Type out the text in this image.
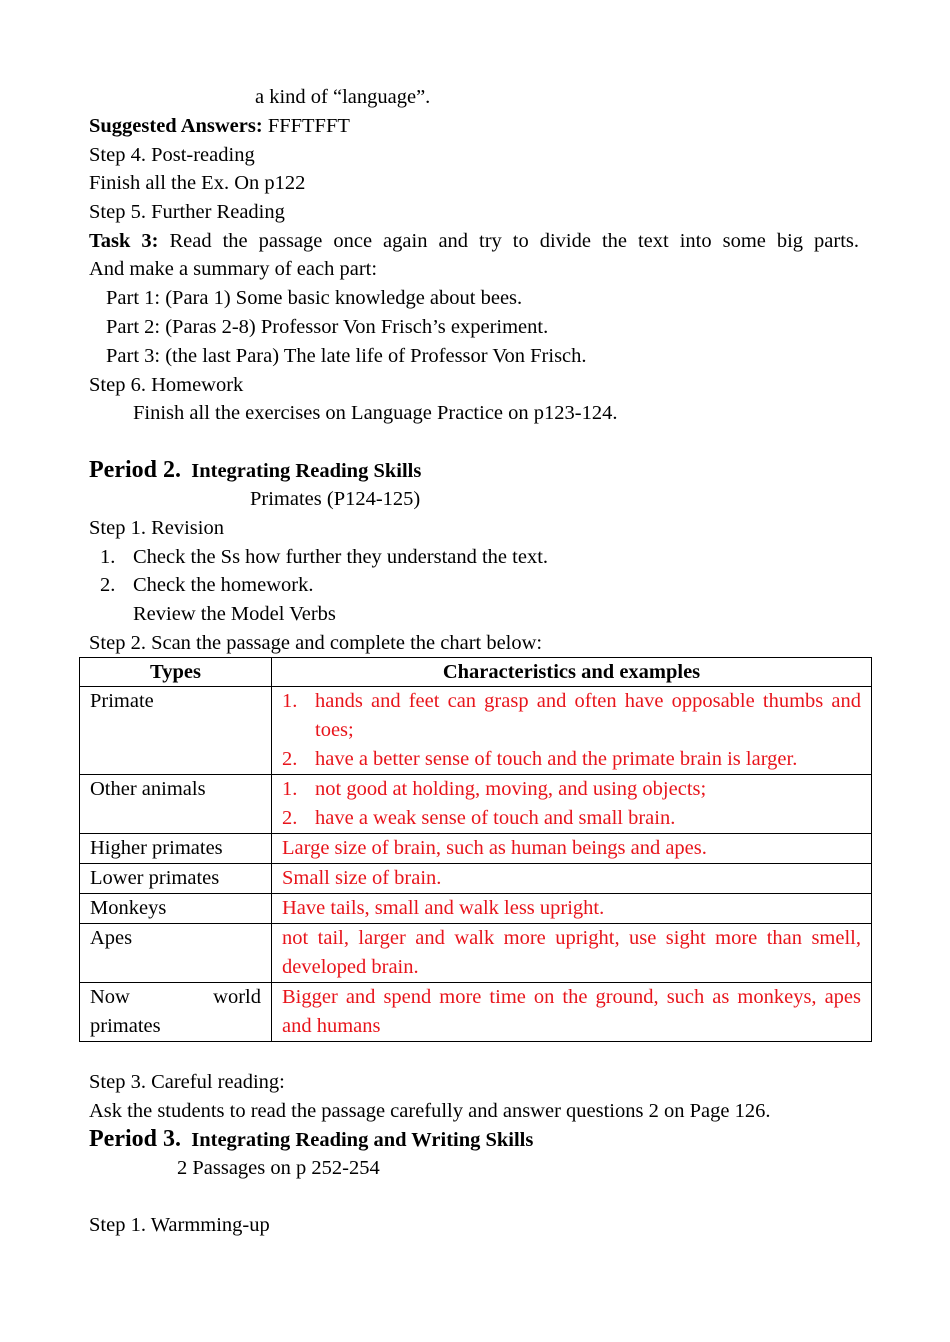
a kind of “language”.
Suggested Answers: FFFTFFT
Step 4. Post-reading
Finish all the Ex. On p122
Step 5. Further Reading
Task 3: Read the passage once again and try to divide the text into some big parts.
And make a summary of each part:
Part 1: (Para 1) Some basic knowledge about bees.
Part 2: (Paras 2-8) Professor Von Frisch’s experiment.
Part 3: (the last Para) The late life of Professor Von Frisch.
Step 6. Homework
Finish all the exercises on Language Practice on p123-124.
Period 2. Integrating Reading Skills
Primates (P124-125)
Step 1. Revision
1. Check the Ss how further they understand the text.
2. Check the homework.
Review the Model Verbs
Step 2. Scan the passage and complete the chart below:
Types	Characteristics and examples
Primate	1. hands and feet can grasp and often have opposable thumbs and toes;
2. have a better sense of touch and the primate brain is larger.

Other animals	1. not good at holding, moving, and using objects;
2. have a weak sense of touch and small brain.

Higher primates	Large size of brain, such as human beings and apes.
Lower primates	Small size of brain.
Monkeys	Have tails, small and walk less upright.
Apes	not tail, larger and walk more upright, use sight more than smell, developed brain.

Now world
primates	Bigger and spend more time on the ground, such as monkeys, apes and humans
Step 3. Careful reading:
Ask the students to read the passage carefully and answer questions 2 on Page 126.
Period 3. Integrating Reading and Writing Skills
2 Passages on p 252-254
Step 1. Warmming-up
